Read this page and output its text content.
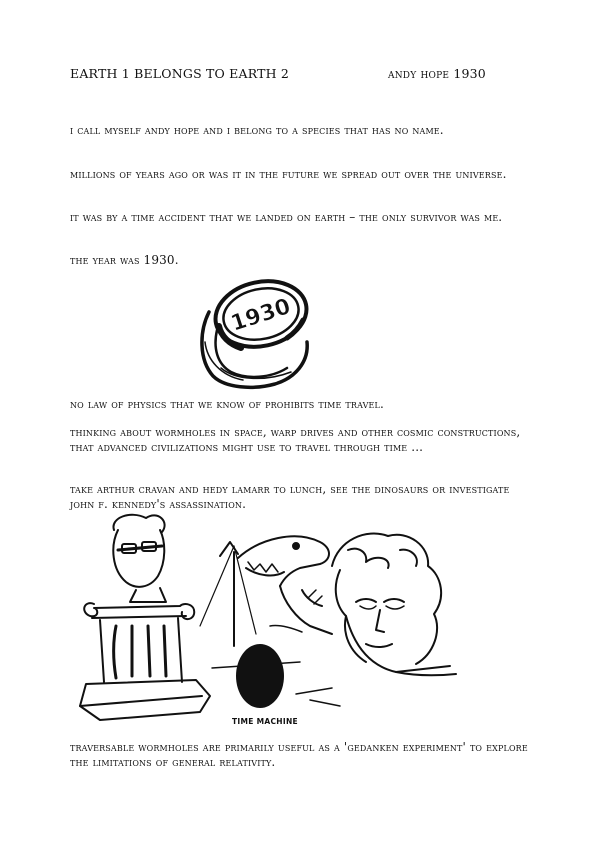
EARTH 1 BELONGS TO EARTH 2	andy hope 1930

i call myself andy hope and i belong to a species that has no name.

millions of years ago or was it in the future we spread out over the universe.

it was by a time accident that we landed on earth – the only survivor was me.

the year was 1930.

1930

no law of physics that we know of prohibits time travel.

thinking about wormholes in space, warp drives and other cosmic constructions, that advanced civilizations might use to travel through time ...

take arthur cravan and hedy lamarr to lunch, see the dinosaurs or investigate john f. kennedy's assassination.

TIME MACHINE

traversable wormholes are primarily useful as a 'gedanken experiment' to explore the limitations of general relativity.
